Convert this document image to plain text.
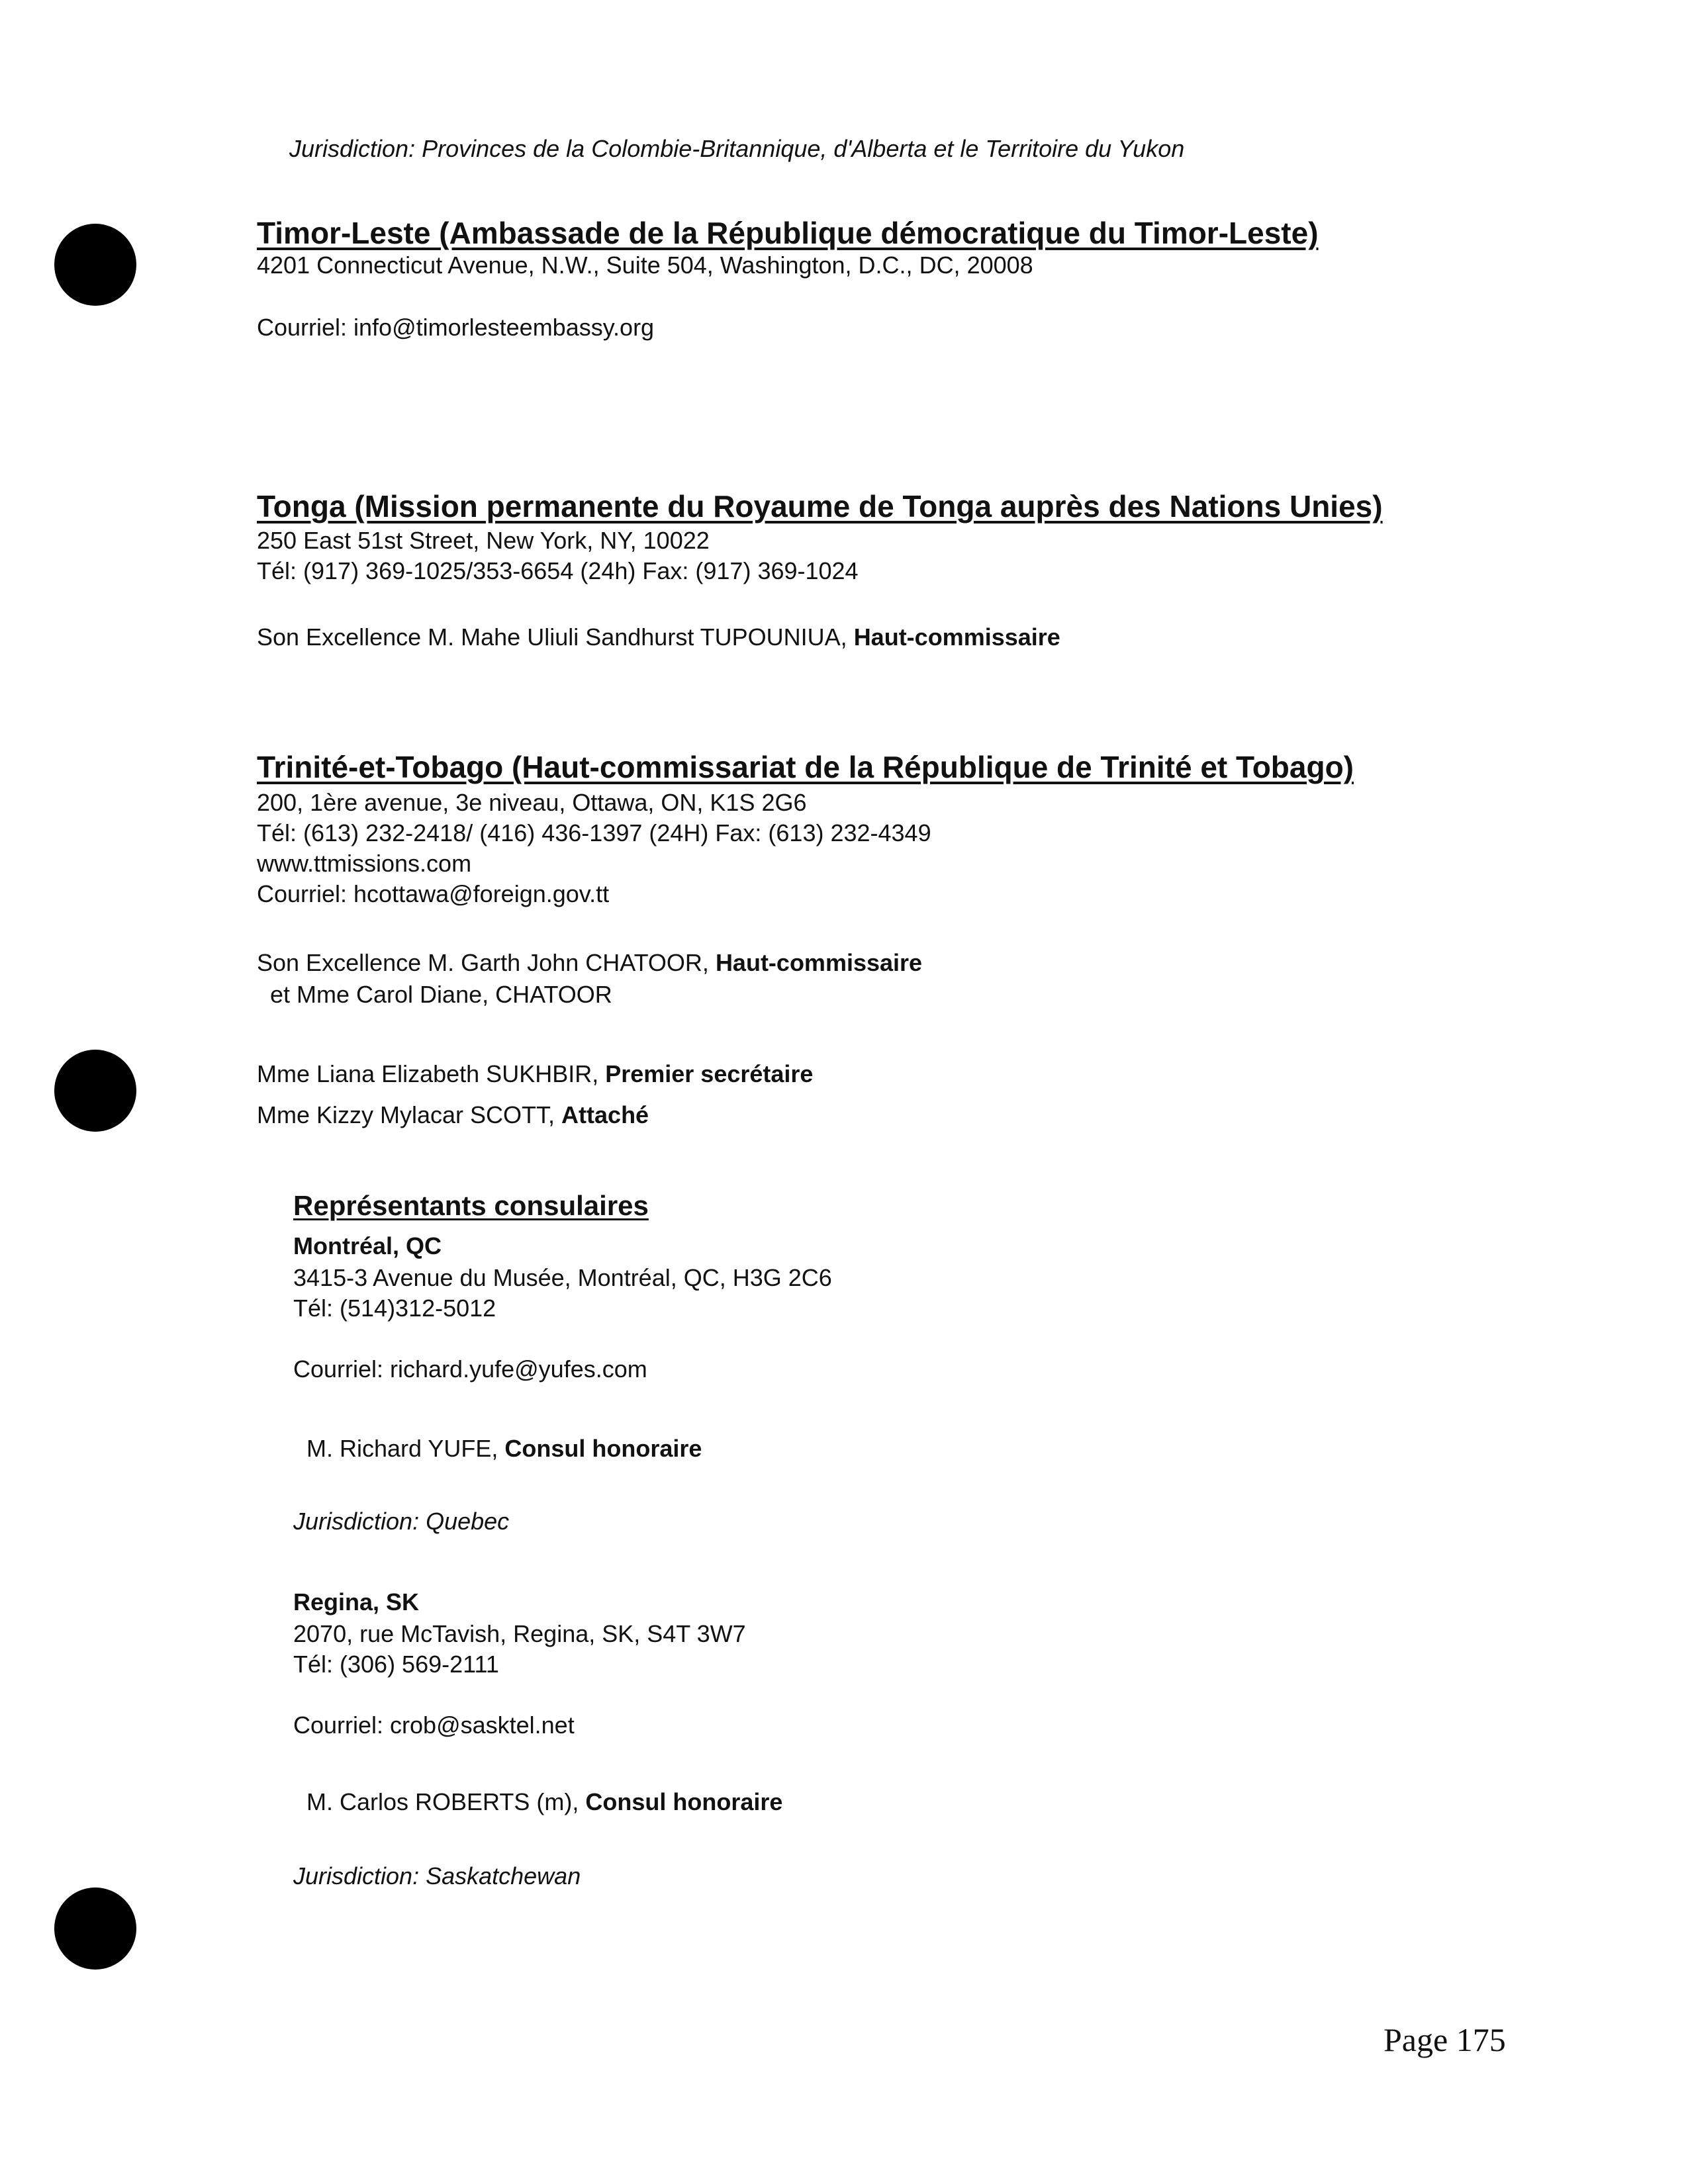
Jurisdiction: Provinces de la Colombie-Britannique, d'Alberta et le Territoire du Yukon
Timor-Leste (Ambassade de la République démocratique du Timor-Leste)
4201 Connecticut Avenue, N.W., Suite 504, Washington, D.C., DC, 20008
Courriel: info@timorlesteembassy.org
Tonga (Mission permanente du Royaume de Tonga auprès des Nations Unies)
250 East 51st Street, New York, NY, 10022
Tél: (917) 369-1025/353-6654 (24h) Fax: (917) 369-1024
Son Excellence M. Mahe Uliuli Sandhurst TUPOUNIUA, Haut-commissaire
Trinité-et-Tobago (Haut-commissariat de la République de Trinité et Tobago)
200, 1ère avenue, 3e niveau, Ottawa, ON, K1S 2G6
Tél: (613) 232-2418/ (416) 436-1397 (24H) Fax: (613) 232-4349
www.ttmissions.com
Courriel: hcottawa@foreign.gov.tt
Son Excellence M. Garth John CHATOOR, Haut-commissaire
et Mme Carol Diane, CHATOOR
Mme Liana Elizabeth SUKHBIR, Premier secrétaire
Mme Kizzy Mylacar SCOTT, Attaché
Représentants consulaires
Montréal, QC
3415-3 Avenue du Musée, Montréal, QC, H3G 2C6
Tél: (514)312-5012
Courriel: richard.yufe@yufes.com
M. Richard YUFE, Consul honoraire
Jurisdiction: Quebec
Regina, SK
2070, rue McTavish, Regina, SK, S4T 3W7
Tél: (306) 569-2111
Courriel: crob@sasktel.net
M. Carlos ROBERTS (m), Consul honoraire
Jurisdiction: Saskatchewan
Page 175
